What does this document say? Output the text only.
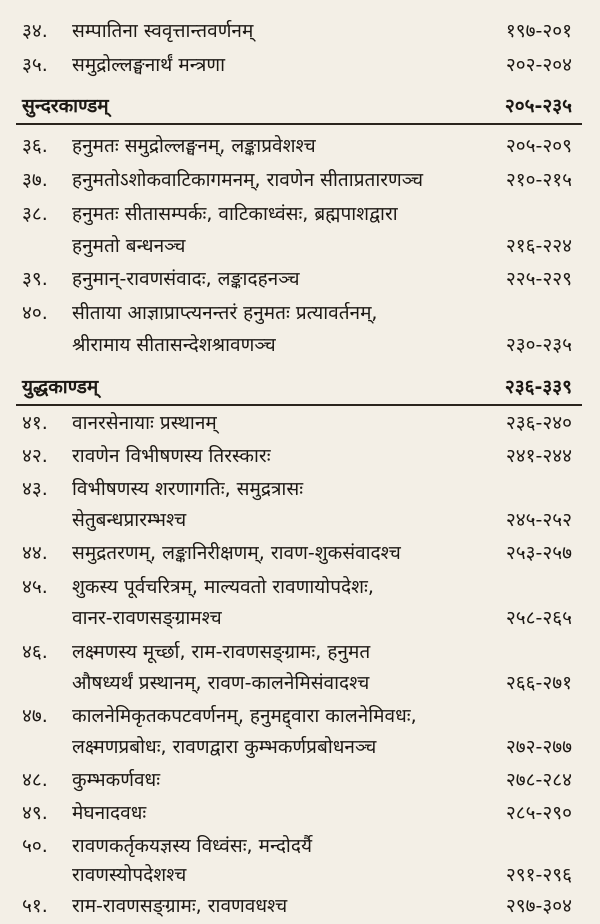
३४. सम्पातिना स्ववृत्तान्तवर्णनम्	१९७-२०१
३५. समुद्रोल्लङ्घनार्थं मन्त्रणा	२०२-२०४
सुन्दरकाण्डम्	२०५-२३५
३६. हनुमतः समुद्रोल्लङ्घनम्, लङ्काप्रवेशश्च	२०५-२०९
३७. हनुमतोऽशोकवाटिकागमनम्, रावणेन सीताप्रतारणञ्च	२१०-२१५
३८. हनुमतः सीतासम्पर्कः, वाटिकाध्वंसः, ब्रह्मपाशद्वारा
हनुमतो बन्धनञ्च	२१६-२२४
३९. हनुमान्-रावणसंवादः, लङ्कादहनञ्च	२२५-२२९
४०. सीताया आज्ञाप्राप्त्यनन्तरं हनुमतः प्रत्यावर्तनम्,
श्रीरामाय सीतासन्देशश्रावणञ्च	२३०-२३५
युद्धकाण्डम्	२३६-३३९
४१. वानरसेनायाः प्रस्थानम्	२३६-२४०
४२. रावणेन विभीषणस्य तिरस्कारः	२४१-२४४
४३. विभीषणस्य शरणागतिः, समुद्रत्रासः
सेतुबन्धप्रारम्भश्च	२४५-२५२
४४. समुद्रतरणम्, लङ्कानिरीक्षणम्, रावण-शुकसंवादश्च	२५३-२५७
४५. शुकस्य पूर्वचरित्रम्, माल्यवतो रावणायोपदेशः,
वानर-रावणसङ्ग्रामश्च	२५८-२६५
४६. लक्ष्मणस्य मूर्च्छा, राम-रावणसङ्ग्रामः, हनुमत
औषध्यर्थं प्रस्थानम्, रावण-कालनेमिसंवादश्च	२६६-२७१
४७. कालनेमिकृतकपटवर्णनम्, हनुमद्द्वारा कालनेमिवधः,
लक्ष्मणप्रबोधः, रावणद्वारा कुम्भकर्णप्रबोधनञ्च	२७२-२७७
४८. कुम्भकर्णवधः	२७८-२८४
४९. मेघनादवधः	२८५-२९०
५०. रावणकर्तृकयज्ञस्य विध्वंसः, मन्दोदर्यै
रावणस्योपदेशश्च	२९१-२९६
५१. राम-रावणसङ्ग्रामः, रावणवधश्च	२९७-३०४
